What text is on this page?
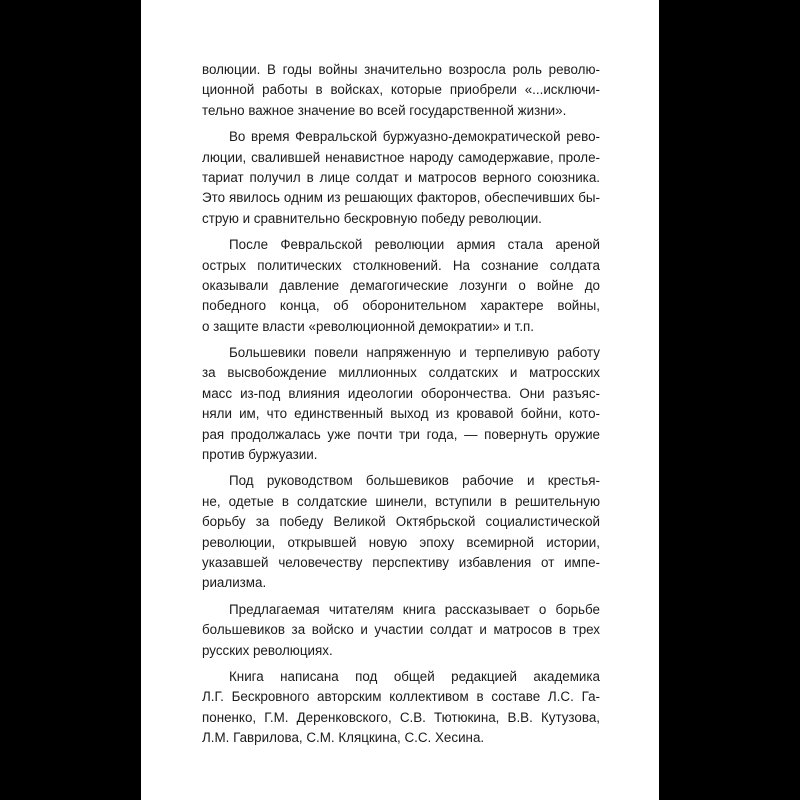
волюции. В годы войны значительно возросла роль револю-
ционной работы в войсках, которые приобрели «...исключи-
тельно важное значение во всей государственной жизни».
Во время Февральской буржуазно-демократической рево-
люции, свалившей ненавистное народу самодержавие, проле-
тариат получил в лице солдат и матросов верного союзника.
Это явилось одним из решающих факторов, обеспечивших бы-
струю и сравнительно бескровную победу революции.
После Февральской революции армия стала ареной
острых политических столкновений. На сознание солдата
оказывали давление демагогические лозунги о войне до
победного конца, об оборонительном характере войны,
о защите власти «революционной демократии» и т.п.
Большевики повели напряженную и терпеливую работу
за высвобождение миллионных солдатских и матросских
масс из-под влияния идеологии оборончества. Они разъяс-
няли им, что единственный выход из кровавой бойни, кото-
рая продолжалась уже почти три года, — повернуть оружие
против буржуазии.
Под руководством большевиков рабочие и крестья-
не, одетые в солдатские шинели, вступили в решительную
борьбу за победу Великой Октябрьской социалистической
революции, открывшей новую эпоху всемирной истории,
указавшей человечеству перспективу избавления от импе-
риализма.
Предлагаемая читателям книга рассказывает о борьбе
большевиков за войско и участии солдат и матросов в трех
русских революциях.
Книга написана под общей редакцией академика
Л.Г. Бескровного авторским коллективом в составе Л.С. Га-
поненко, Г.М. Деренковского, С.В. Тютюкина, В.В. Кутузова,
Л.М. Гаврилова, С.М. Кляцкина, С.С. Хесина.
